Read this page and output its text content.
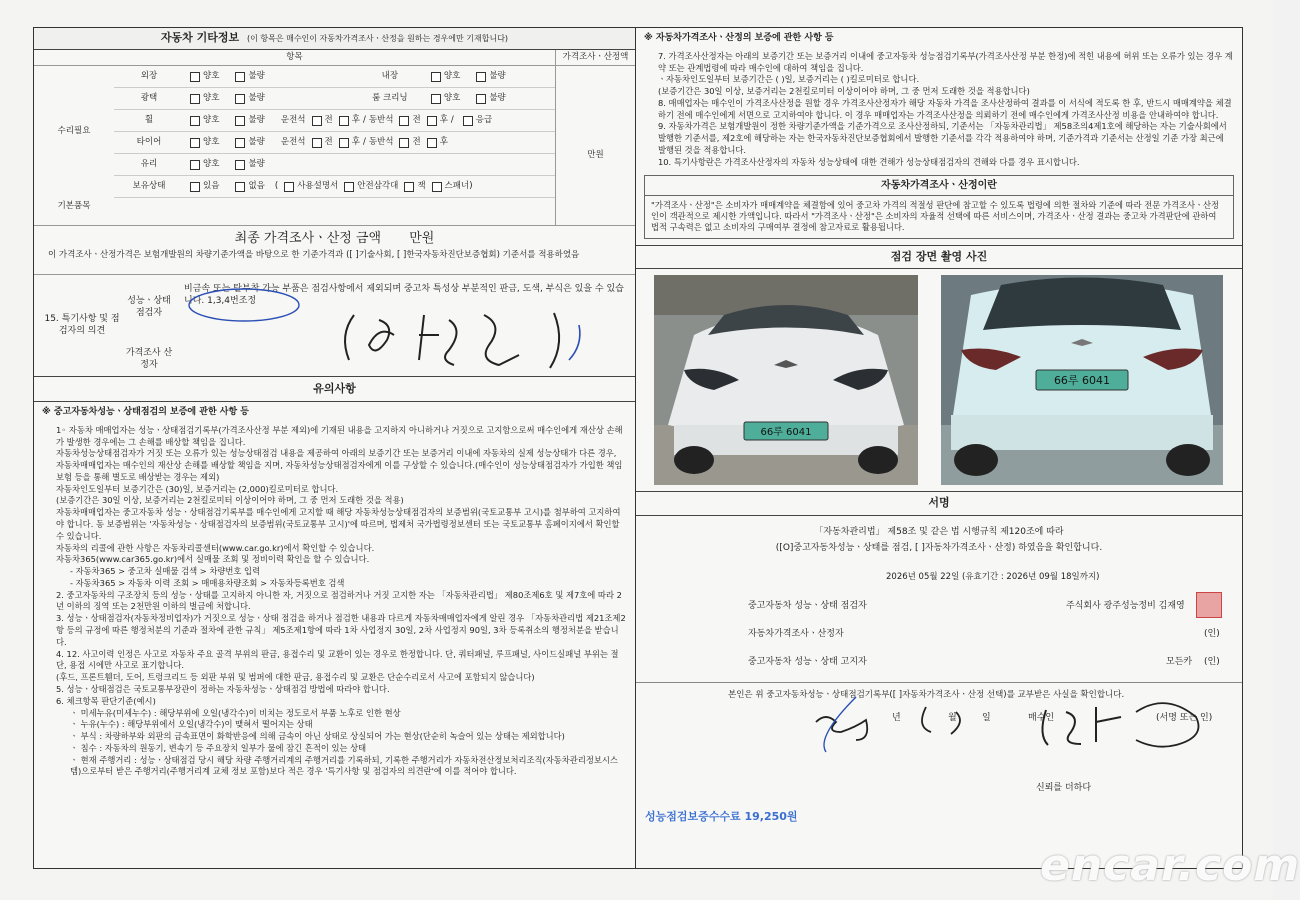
자동차 기타정보 (이 항목은 매수인이 자동차가격조사ㆍ산정을 원하는 경우에만 기재합니다)
항목	가격조사ㆍ산정액
수리필요
기본품목
외장	양호	불량	내장	양호	불량
광택	양호	불량	룸 크리닝	양호	불량
휠	양호	불량 운전석 전 후 / 동반석 전 후 /	응급
타이어	양호	불량 운전석 전 후 / 동반석 전 후
유리	양호	불량
보유상태	있음	없음 ( 사용설명서 안전삼각대 잭 스패너 )
만원
최종 가격조사ㆍ산정 금액 만원
이 가격조사ㆍ산정가격은 보험개발원의 차량기준가액을 바탕으로 한 기준가격과 ([ ]기술사회, [ ]한국자동차진단보증협회) 기준서를 적용하였음
15. 특기사항 및 점검자의 의견
성능ㆍ상태 점검자
가격조사 산정자
비금속 또는 탈부착 가능 부품은 점검사항에서 제외되며 중고차 특성상 부분적인 판금, 도색, 부식은 있을 수 있습니다. 1,3,4번조정
유의사항
※ 중고자동차성능ㆍ상태점검의 보증에 관한 사항 등

1◦ 자동차 매매업자는 성능ㆍ상태점검기록부(가격조사산정 부분 제외)에 기재된 내용을 고지하지 아니하거나 거짓으로 고지함으로써 매수인에게 재산상 손해가 발생한 경우에는 그 손해를 배상할 책임을 집니다.

자동차성능상태점검자가 거짓 또는 오류가 있는 성능상태점검 내용을 제공하여 아래의 보증기간 또는 보증거리 이내에 자동차의 실제 성능상태가 다른 경우, 자동차매매업자는 매수인의 재산상 손해를 배상할 책임을 지며, 자동차성능상태점검자에게 이를 구상할 수 있습니다.(매수인이 성능상태점검자가 가입한 책임보험 등을 통해 별도로 배상받는 경우는 제외)

자동차인도일부터 보증기간은 (30)일, 보증거리는 (2,000)킬로미터로 합니다.

(보증기간은 30일 이상, 보증거리는 2천킬로미터 이상이어야 하며, 그 중 먼저 도래한 것을 적용)

자동차매매업자는 중고자동차 성능ㆍ상태점검기록부를 매수인에게 고지할 때 해당 자동차성능상태점검자의 보증범위(국토교통부 고시)를 첨부하여 고지하여야 합니다. 동 보증범위는 '자동차성능ㆍ상태점검자의 보증범위(국토교통부 고시)'에 따르며, 법제처 국가법령정보센터 또는 국토교통부 홈페이지에서 확인할 수 있습니다.

자동차의 리콜에 관한 사항은 자동차리콜센터(www.car.go.kr)에서 확인할 수 있습니다.

자동차365(www.car365.go.kr)에서 실매물 조회 및 정비이력 확인을 할 수 있습니다.

- 자동차365 > 중고차 실매물 검색 > 차량번호 입력

- 자동차365 > 자동차 이력 조회 > 매매용차량조회 > 자동차등록번호 검색

2. 중고자동차의 구조장치 등의 성능ㆍ상태를 고지하지 아니한 자, 거짓으로 점검하거나 거짓 고지한 자는 「자동차관리법」 제80조제6호 및 제7호에 따라 2년 이하의 징역 또는 2천만원 이하의 벌금에 처합니다.

3. 성능ㆍ상태점검자(자동차정비업자)가 거짓으로 성능ㆍ상태 점검을 하거나 점검한 내용과 다르게 자동차매매업자에게 알린 경우 「자동차관리법 제21조제2항 등의 규정에 따른 행정처분의 기준과 절차에 관한 규칙」 제5조제1항에 따라 1차 사업정지 30일, 2차 사업정지 90일, 3차 등록취소의 행정처분을 받습니다.

4. 12. 사고이력 인정은 사고로 자동차 주요 골격 부위의 판금, 용접수리 및 교환이 있는 경우로 한정합니다. 단, 쿼터패널, 루프패널, 사이드실패널 부위는 절단, 용접 시에만 사고로 표기합니다.

(후드, 프론트휀더, 도어, 트렁크리드 등 외판 부위 및 범퍼에 대한 판금, 용접수리 및 교환은 단순수리로서 사고에 포함되지 않습니다)

5. 성능ㆍ상태점검은 국토교통부장관이 정하는 자동차성능ㆍ상태점검 방법에 따라야 합니다.

6. 체크항목 판단기준(예시)

ㆍ 미세누유(미세누수) : 해당부위에 오일(냉각수)이 비치는 정도로서 부품 노후로 인한 현상

ㆍ 누유(누수) : 해당부위에서 오일(냉각수)이 맺혀서 떨어지는 상태

ㆍ 부식 : 차량하부와 외판의 금속표면이 화학반응에 의해 금속이 아닌 상태로 상실되어 가는 현상(단순히 녹슬어 있는 상태는 제외합니다)

ㆍ 침수 : 자동차의 원동기, 변속기 등 주요장치 일부가 물에 잠긴 흔적이 있는 상태

ㆍ 현재 주행거리 : 성능ㆍ상태점검 당시 해당 차량 주행거리계의 주행거리를 기록하되, 기록한 주행거리가 자동차전산정보처리조직(자동차관리정보시스템)으로부터 받은 주행거리(주행거리계 교체 정보 포함)보다 적은 경우 '특기사항 및 점검자의 의견란'에 이를 적어야 합니다.

※ 자동차가격조사ㆍ산정의 보증에 관한 사항 등

7. 가격조사산정자는 아래의 보증기간 또는 보증거리 이내에 중고자동차 성능점검기록부(가격조사산정 부분 한정)에 적힌 내용에 허위 또는 오류가 있는 경우 계약 또는 관계법령에 따라 매수인에 대하여 책임을 집니다.

ㆍ자동차인도일부터 보증기간은 ( )일, 보증거리는 ( )킬로미터로 합니다.

(보증기간은 30일 이상, 보증거리는 2천킬로미터 이상이어야 하며, 그 중 먼저 도래한 것을 적용합니다)

8. 매매업자는 매수인이 가격조사산정을 원할 경우 가격조사산정자가 해당 자동차 가격을 조사산정하여 결과를 이 서식에 적도록 한 후, 반드시 매매계약을 체결하기 전에 매수인에게 서면으로 고지하여야 합니다. 이 경우 매매업자는 가격조사산정을 의뢰하기 전에 매수인에게 가격조사산정 비용을 안내하여야 합니다.

9. 자동차가격은 보험개발원이 정한 차량기준가액을 기준가격으로 조사산정하되, 기준서는 「자동차관리법」 제58조의4제1호에 해당하는 자는 기술사회에서 발행한 기준서를, 제2호에 해당하는 자는 한국자동차진단보증협회에서 발행한 기준서를 각각 적용하여야 하며, 기준가격과 기준서는 산정일 기준 가장 최근에 발행된 것을 적용합니다.

10. 특기사항란은 가격조사산정자의 자동차 성능상태에 대한 견해가 성능상태점검자의 견해와 다를 경우 표시합니다.

자동차가격조사ㆍ산정이란
"가격조사ㆍ산정"은 소비자가 매매계약을 체결함에 있어 중고차 가격의 적절성 판단에 참고할 수 있도록 법령에 의한 절차와 기준에 따라 전문 가격조사ㆍ산정인이 객관적으로 제시한 가액입니다. 따라서 "가격조사ㆍ산정"은 소비자의 자율적 선택에 따른 서비스이며, 가격조사ㆍ산정 결과는 중고차 가격판단에 관하여 법적 구속력은 없고 소비자의 구매여부 결정에 참고자료로 활용됩니다.
점검 장면 촬영 사진
66루 6041
66루 6041
서명
「자동차관리법」 제58조 및 같은 법 시행규칙 제120조에 따라
([O]중고자동차성능ㆍ상태를 점검, [ ]자동차가격조사ㆍ산정) 하였음을 확인합니다.
2026년 05월 22일 (유효기간 : 2026년 09월 18일까지)
중고자동차 성능ㆍ상태 점검자	주식회사 광주성능정비 김재영
자동차가격조사ㆍ산정자	(인)
중고자동차 성능ㆍ상태 고지자	모든카 (인)
본인은 위 중고자동차성능ㆍ상태점검기록부([ ]자동차가격조사ㆍ산정 선택)를 교부받은 사실을 확인합니다.
년	월	일	매수인	(서명 또는 인)
신뢰를 더하다
성능점검보증수수료 19,250원
encar.com
